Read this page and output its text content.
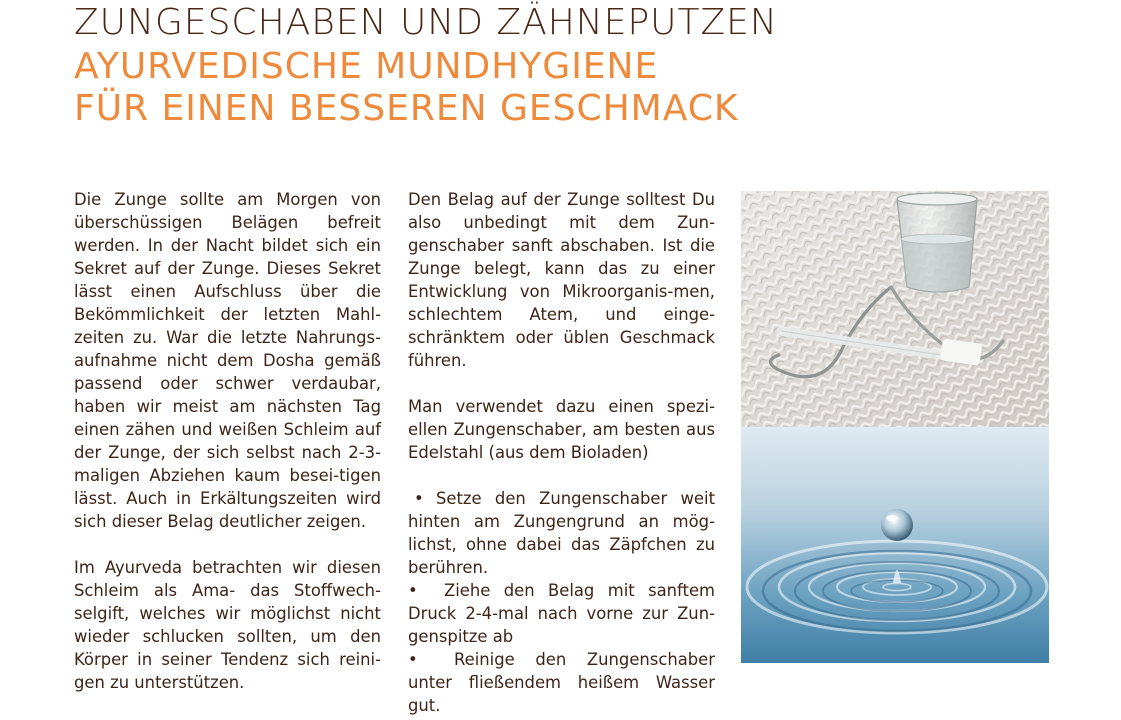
ZUNGESCHABEN UND ZÄHNEPUTZEN
AYURVEDISCHE MUNDHYGIENE
FÜR EINEN BESSEREN GESCHMACK

Die Zunge sollte am Morgen von überschüssigen Belägen befreit werden. In der Nacht bildet sich ein Sekret auf der Zunge. Dieses Sekret lässt einen Aufschluss über die Bekömmlichkeit der letzten Mahl-zeiten zu. War die letzte Nahrungs-aufnahme nicht dem Dosha gemäß passend oder schwer verdaubar, haben wir meist am nächsten Tag einen zähen und weißen Schleim auf der Zunge, der sich selbst nach 2-3-maligen Abziehen kaum besei-tigen lässt. Auch in Erkältungszeiten wird sich dieser Belag deutlicher zeigen.

Im Ayurveda betrachten wir diesen Schleim als Ama- das Stoffwech-selgift, welches wir möglichst nicht wieder schlucken sollten, um den Körper in seiner Tendenz sich reini-gen zu unterstützen.

Den Belag auf der Zunge solltest Du also unbedingt mit dem Zun-genschaber sanft abschaben. Ist die Zunge belegt, kann das zu einer Entwicklung von Mikroorganis-men, schlechtem Atem, und einge-schränktem oder üblen Geschmack führen.

Man verwendet dazu einen spezi-ellen Zungenschaber, am besten aus Edelstahl (aus dem Bioladen)

• Setze den Zungenschaber weit hinten am Zungengrund an mög-lichst, ohne dabei das Zäpfchen zu berühren.
• Ziehe den Belag mit sanftem Druck 2-4-mal nach vorne zur Zun-genspitze ab
• Reinige den Zungenschaber unter fließendem heißem Wasser gut.
